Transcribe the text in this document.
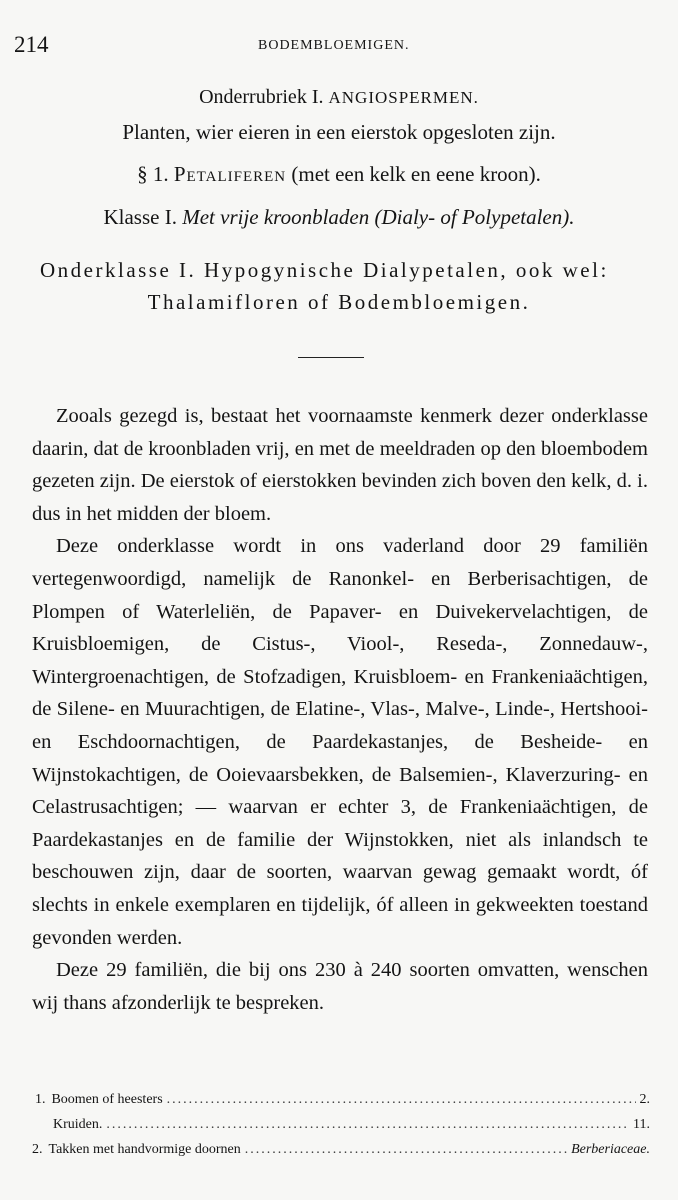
214	BODEMBLOEMIGEN.
Onderrubriek I. ANGIOSPERMEN.
Planten, wier eieren in een eierstok opgesloten zijn.
§ 1. Petaliferen (met een kelk en eene kroon).
Klasse I. Met vrije kroonbladen (Dialy- of Polypetalen).
Onderklasse I. Hypogynische Dialypetalen, ook wel:
Thalamifloren of Bodembloemigen.

Zooals gezegd is, bestaat het voornaamste kenmerk dezer onderklasse daarin, dat de kroonbladen vrij, en met de meeldraden op den bloembodem gezeten zijn. De eierstok of eierstokken bevinden zich boven den kelk, d. i. dus in het midden der bloem.

Deze onderklasse wordt in ons vaderland door 29 familiën vertegenwoordigd, namelijk de Ranonkel- en Berberisachtigen, de Plompen of Waterleliën, de Papaver- en Duivekervelachtigen, de Kruisbloemigen, de Cistus-, Viool-, Reseda-, Zonnedauw-, Wintergroenachtigen, de Stofzadigen, Kruisbloem- en Frankeniaächtigen, de Silene- en Muurachtigen, de Elatine-, Vlas-, Malve-, Linde-, Hertshooi- en Eschdoornachtigen, de Paardekastanjes, de Besheide- en Wijnstokachtigen, de Ooievaarsbekken, de Balsemien-, Klaverzuring- en Celastrusachtigen; — waarvan er echter 3, de Frankeniaächtigen, de Paardekastanjes en de familie der Wijnstokken, niet als inlandsch te beschouwen zijn, daar de soorten, waarvan gewag gemaakt wordt, óf slechts in enkele exemplaren en tijdelijk, óf alleen in gekweekten toestand gevonden werden.

Deze 29 familiën, die bij ons 230 à 240 soorten omvatten, wenschen wij thans afzonderlijk te bespreken.

1. Boomen of heesters .....	2.
Kruiden. .....	11.
2. Takken met handvormige doornen .....	Berberiaceae.
